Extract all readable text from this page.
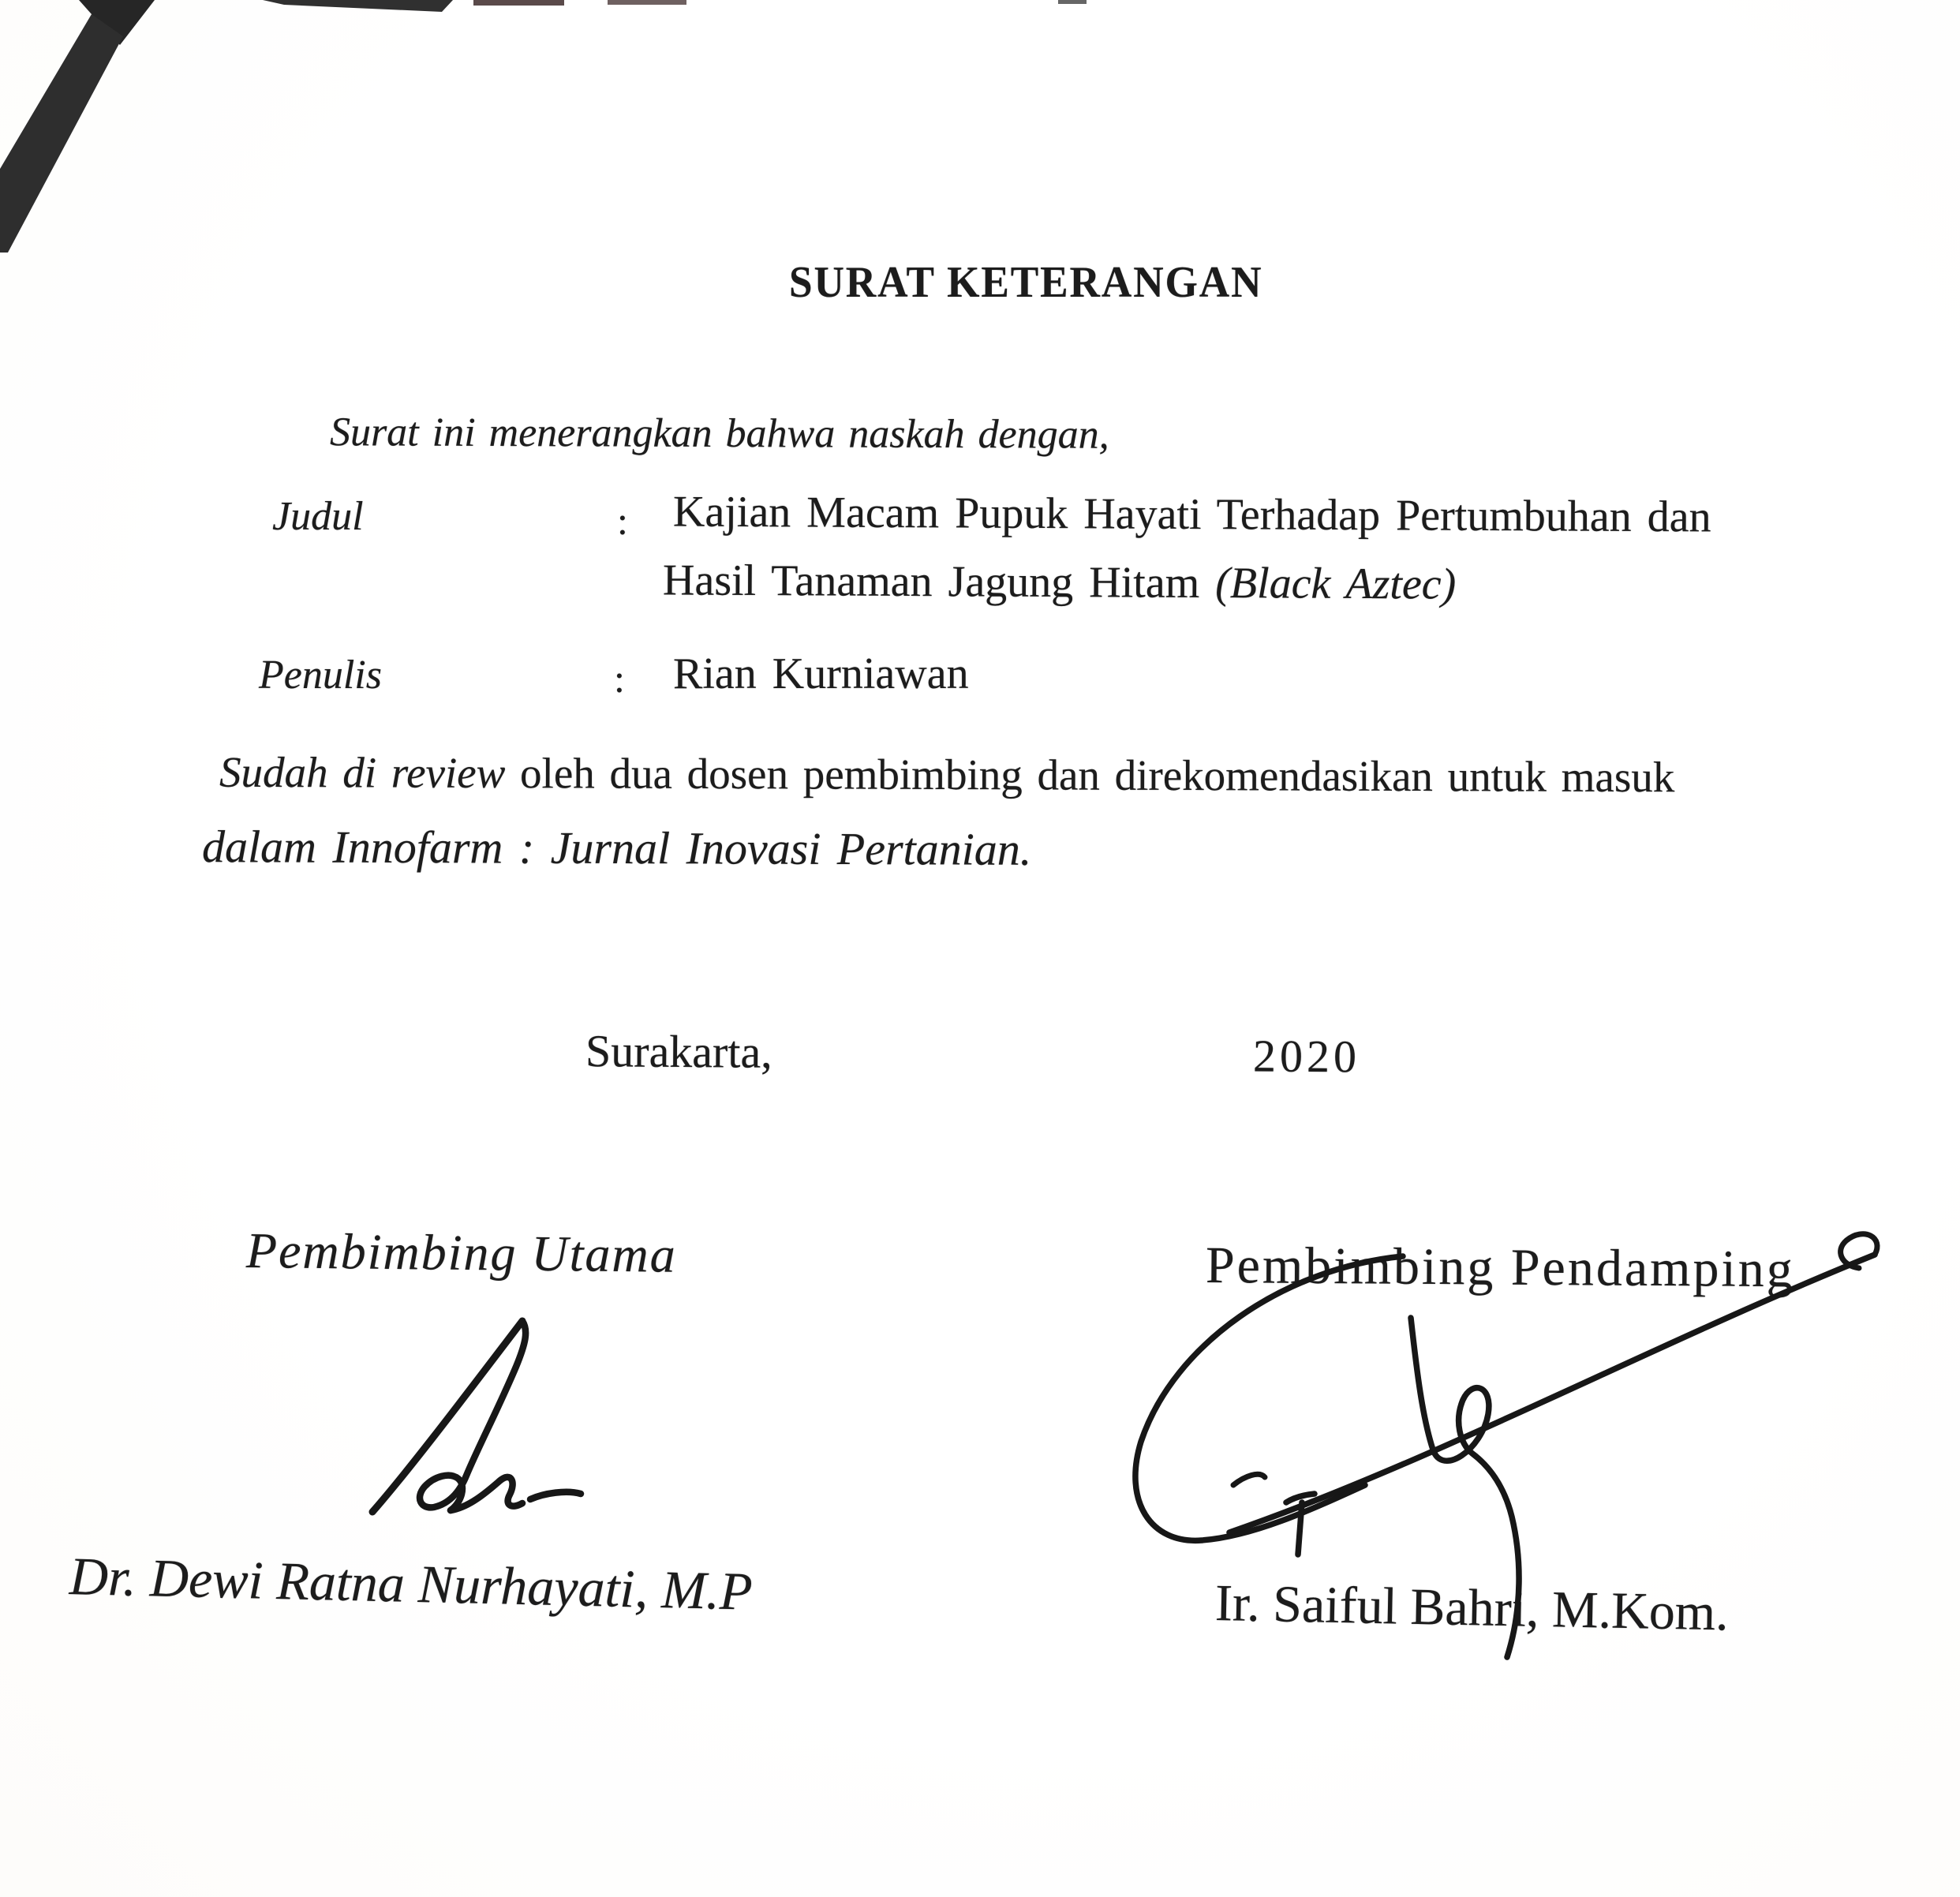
SURAT KETERANGAN
Surat ini menerangkan bahwa naskah dengan,
Judul	: Kajian Macam Pupuk Hayati Terhadap Pertumbuhan dan
Hasil Tanaman Jagung Hitam (Black Aztec)
Penulis	: Rian Kurniawan
Sudah di review oleh dua dosen pembimbing dan direkomendasikan untuk masuk
dalam Innofarm : Jurnal Inovasi Pertanian.
Surakarta,	2020
Pembimbing Utama	Pembimbing Pendamping
Dr. Dewi Ratna Nurhayati, M.P	Ir. Saiful Bahri, M.Kom.
